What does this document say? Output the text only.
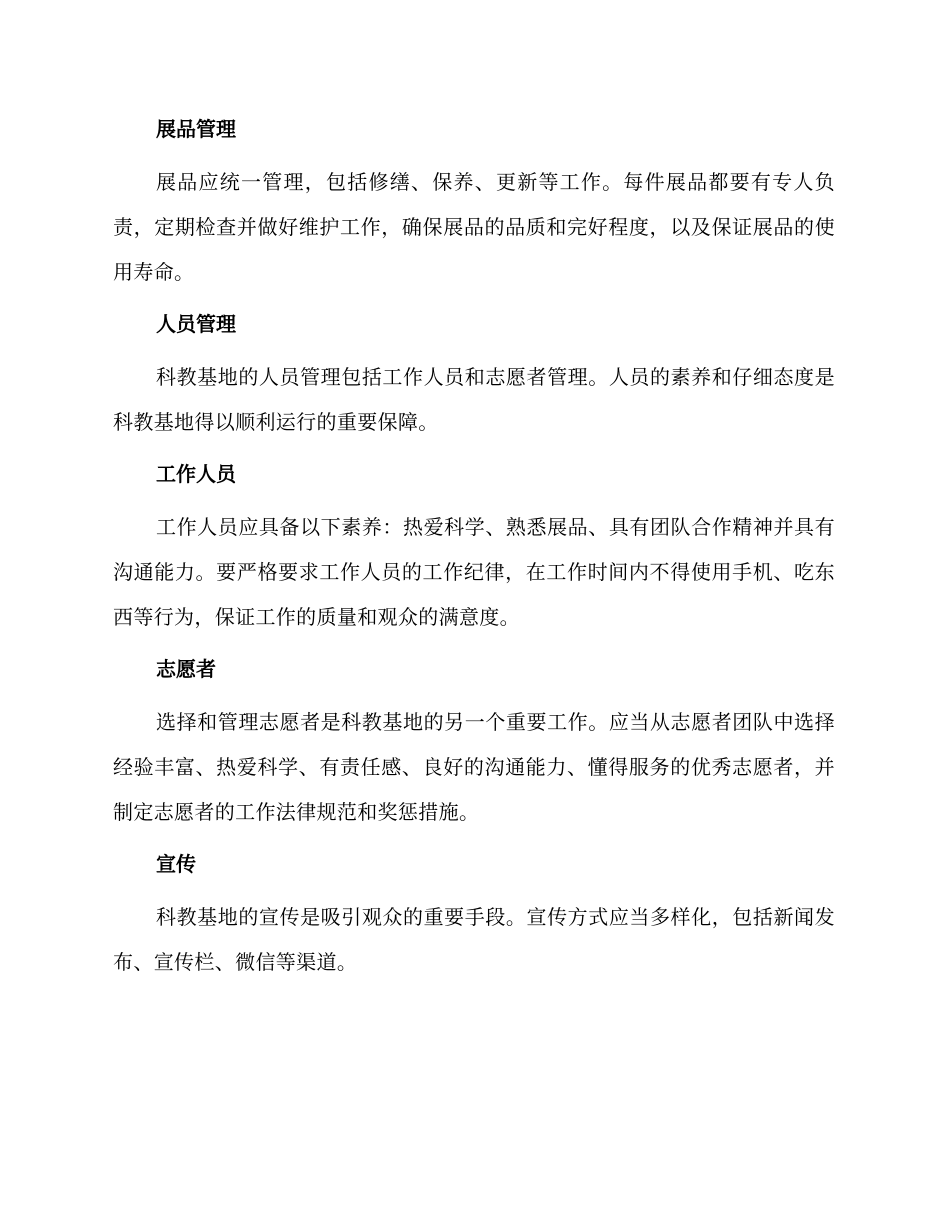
展品管理

展品应统一管理，包括修缮、保养、更新等工作。每件展品都要有专人负责，定期检查并做好维护工作，确保展品的品质和完好程度，以及保证展品的使用寿命。

人员管理

科教基地的人员管理包括工作人员和志愿者管理。人员的素养和仔细态度是科教基地得以顺利运行的重要保障。

工作人员

工作人员应具备以下素养：热爱科学、熟悉展品、具有团队合作精神并具有沟通能力。要严格要求工作人员的工作纪律，在工作时间内不得使用手机、吃东西等行为，保证工作的质量和观众的满意度。

志愿者

选择和管理志愿者是科教基地的另一个重要工作。应当从志愿者团队中选择经验丰富、热爱科学、有责任感、良好的沟通能力、懂得服务的优秀志愿者，并制定志愿者的工作法律规范和奖惩措施。

宣传

科教基地的宣传是吸引观众的重要手段。宣传方式应当多样化，包括新闻发布、宣传栏、微信等渠道。
